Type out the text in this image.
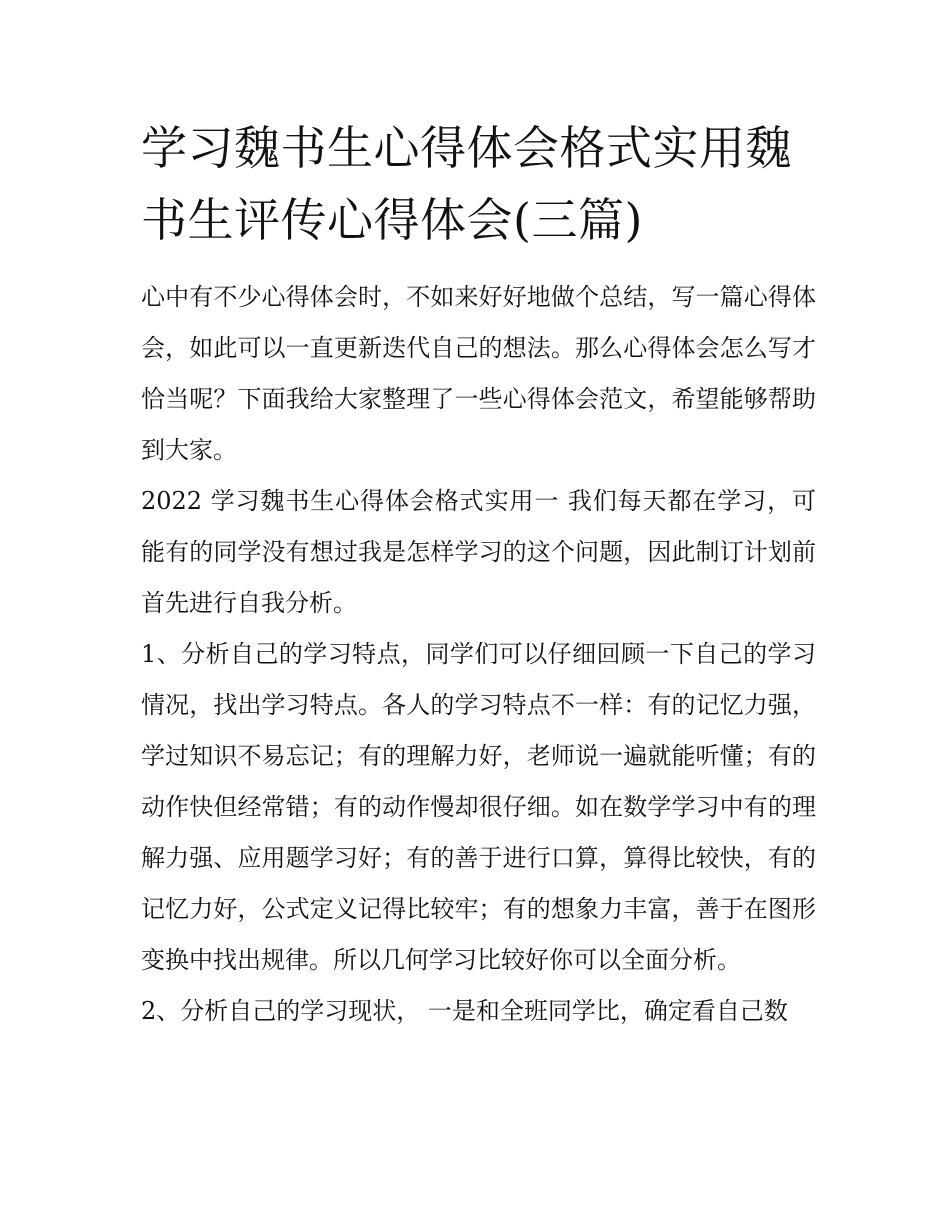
学习魏书生心得体会格式实用魏书生评传心得体会(三篇)

心中有不少心得体会时，不如来好好地做个总结，写一篇心得体会，如此可以一直更新迭代自己的想法。那么心得体会怎么写才恰当呢？下面我给大家整理了一些心得体会范文，希望能够帮助到大家。

2022 学习魏书生心得体会格式实用一 我们每天都在学习，可能有的同学没有想过我是怎样学习的这个问题，因此制订计划前首先进行自我分析。

1、分析自己的学习特点，同学们可以仔细回顾一下自己的学习情况，找出学习特点。各人的学习特点不一样：有的记忆力强，学过知识不易忘记；有的理解力好，老师说一遍就能听懂；有的动作快但经常错；有的动作慢却很仔细。如在数学学习中有的理解力强、应用题学习好；有的善于进行口算，算得比较快，有的记忆力好，公式定义记得比较牢；有的想象力丰富，善于在图形变换中找出规律。所以几何学习比较好你可以全面分析。

2、分析自己的学习现状， 一是和全班同学比，确定看自己数
